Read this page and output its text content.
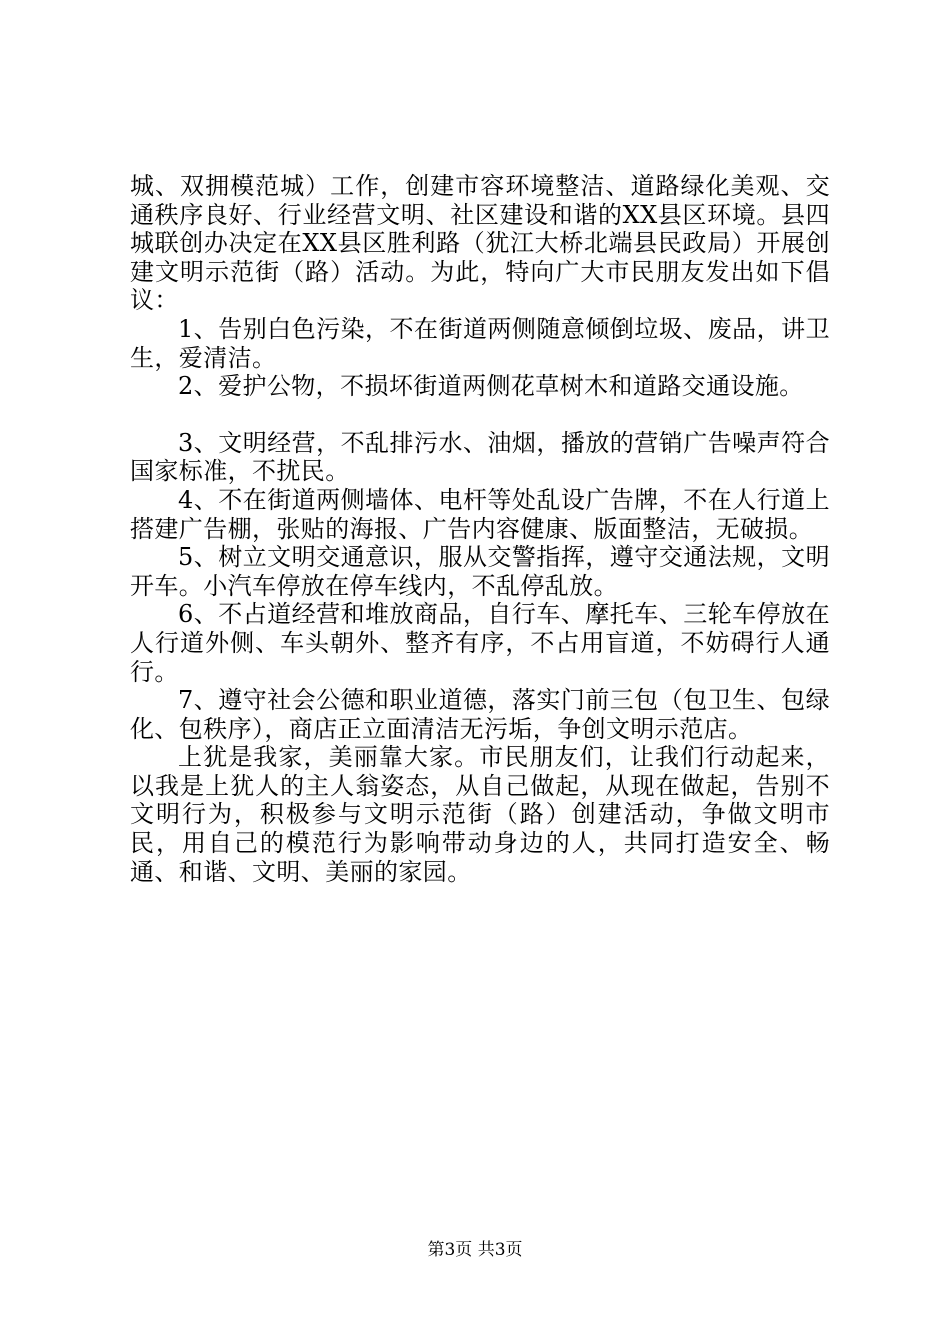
城、双拥模范城）工作，创建市容环境整洁、道路绿化美观、交通秩序良好、行业经营文明、社区建设和谐的XX县区环境。县四城联创办决定在XX县区胜利路（犹江大桥北端县民政局）开展创建文明示范街（路）活动。为此，特向广大市民朋友发出如下倡议：

1、告别白色污染，不在街道两侧随意倾倒垃圾、废品，讲卫生，爱清洁。

2、爱护公物，不损坏街道两侧花草树木和道路交通设施。

3、文明经营，不乱排污水、油烟，播放的营销广告噪声符合国家标准，不扰民。

4、不在街道两侧墙体、电杆等处乱设广告牌，不在人行道上搭建广告棚，张贴的海报、广告内容健康、版面整洁，无破损。

5、树立文明交通意识，服从交警指挥，遵守交通法规，文明开车。小汽车停放在停车线内，不乱停乱放。

6、不占道经营和堆放商品，自行车、摩托车、三轮车停放在人行道外侧、车头朝外、整齐有序，不占用盲道，不妨碍行人通行。

7、遵守社会公德和职业道德，落实门前三包（包卫生、包绿化、包秩序），商店正立面清洁无污垢，争创文明示范店。

上犹是我家，美丽靠大家。市民朋友们，让我们行动起来，以我是上犹人的主人翁姿态，从自己做起，从现在做起，告别不文明行为，积极参与文明示范街（路）创建活动，争做文明市民，用自己的模范行为影响带动身边的人，共同打造安全、畅通、和谐、文明、美丽的家园。

第3页 共3页
